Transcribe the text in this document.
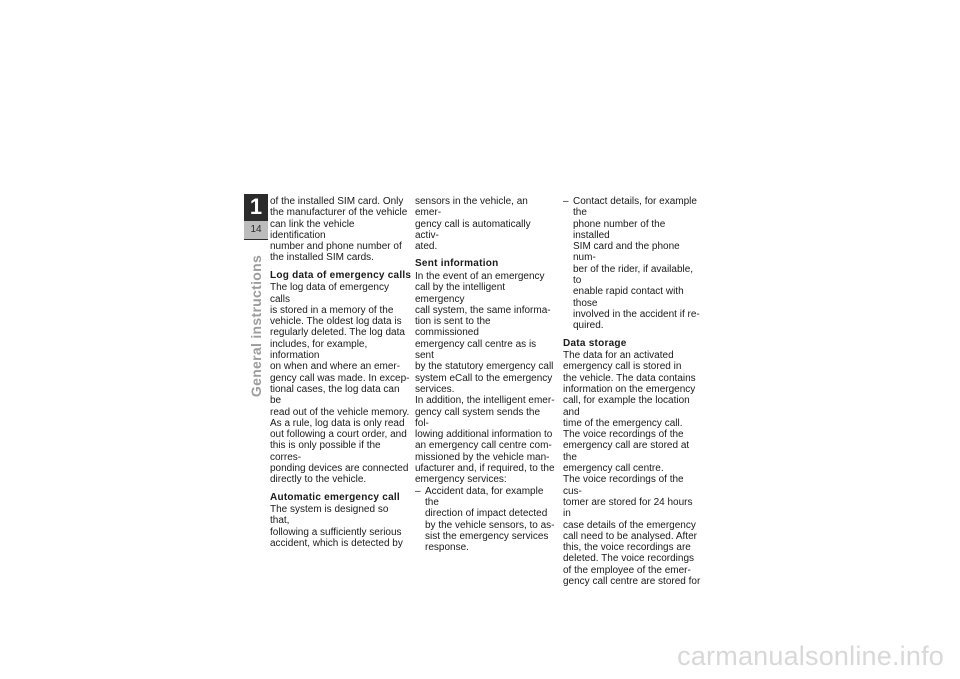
1
14
General instructions

of the installed SIM card. Only
the manufacturer of the vehicle
can link the vehicle identification
number and phone number of
the installed SIM cards.

Log data of emergency calls

The log data of emergency calls
is stored in a memory of the
vehicle. The oldest log data is
regularly deleted. The log data
includes, for example, information
on when and where an emer-
gency call was made. In excep-
tional cases, the log data can be
read out of the vehicle memory.
As a rule, log data is only read
out following a court order, and
this is only possible if the corres-
ponding devices are connected
directly to the vehicle.

Automatic emergency call

The system is designed so that,
following a sufficiently serious
accident, which is detected by

sensors in the vehicle, an emer-
gency call is automatically activ-
ated.

Sent information

In the event of an emergency
call by the intelligent emergency
call system, the same informa-
tion is sent to the commissioned
emergency call centre as is sent
by the statutory emergency call
system eCall to the emergency
services.
In addition, the intelligent emer-
gency call system sends the fol-
lowing additional information to
an emergency call centre com-
missioned by the vehicle man-
ufacturer and, if required, to the
emergency services:

– Accident data, for example the
direction of impact detected
by the vehicle sensors, to as-
sist the emergency services
response.
– Contact details, for example the
phone number of the installed
SIM card and the phone num-
ber of the rider, if available, to
enable rapid contact with those
involved in the accident if re-
quired.
Data storage

The data for an activated
emergency call is stored in
the vehicle. The data contains
information on the emergency
call, for example the location and
time of the emergency call.
The voice recordings of the
emergency call are stored at the
emergency call centre.
The voice recordings of the cus-
tomer are stored for 24 hours in
case details of the emergency
call need to be analysed. After
this, the voice recordings are
deleted. The voice recordings
of the employee of the emer-
gency call centre are stored for

carmanualsonline.info
